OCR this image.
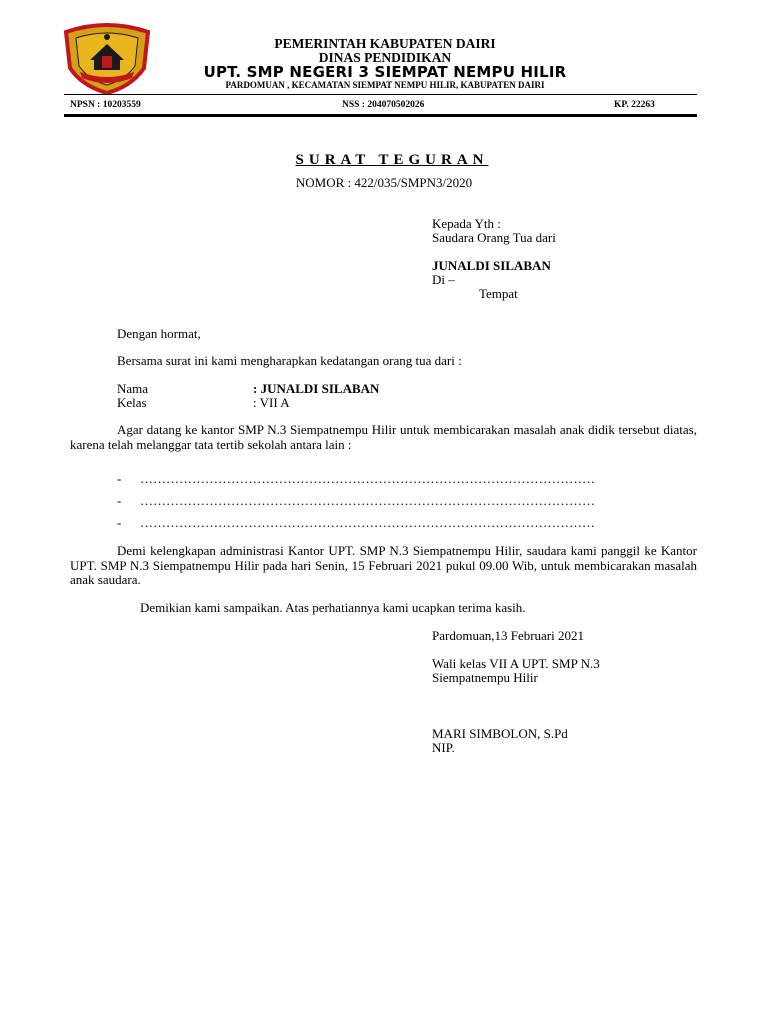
PEMERINTAH KABUPATEN DAIRI
DINAS PENDIDIKAN
UPT. SMP NEGERI 3 SIEMPAT NEMPU HILIR
PARDOMUAN , KECAMATAN SIEMPAT NEMPU HILIR, KABUPATEN DAIRI
NPSN : 10203559	NSS : 204070502026	KP. 22263
SURAT TEGURAN
NOMOR : 422/035/SMPN3/2020
Kepada Yth :
Saudara Orang Tua dari
JUNALDI SILABAN
Di –
Tempat
Dengan hormat,
Bersama surat ini kami mengharapkan kedatangan orang tua dari :
Nama	: JUNALDI SILABAN
Kelas	: VII A
Agar datang ke kantor SMP N.3 Siempatnempu Hilir untuk membicarakan masalah anak didik tersebut diatas, karena telah melanggar tata tertib sekolah antara lain :
- ……………………………………………………………………………………………
- ……………………………………………………………………………………………
- ……………………………………………………………………………………………
Demi kelengkapan administrasi Kantor UPT. SMP N.3 Siempatnempu Hilir, saudara kami panggil ke Kantor UPT. SMP N.3 Siempatnempu Hilir pada hari Senin, 15 Februari 2021 pukul 09.00 Wib, untuk membicarakan masalah anak saudara.
Demikian kami sampaikan. Atas perhatiannya kami ucapkan terima kasih.
Pardomuan,13 Februari 2021
Wali kelas VII A UPT. SMP N.3
Siempatnempu Hilir
MARI SIMBOLON, S.Pd
NIP.
